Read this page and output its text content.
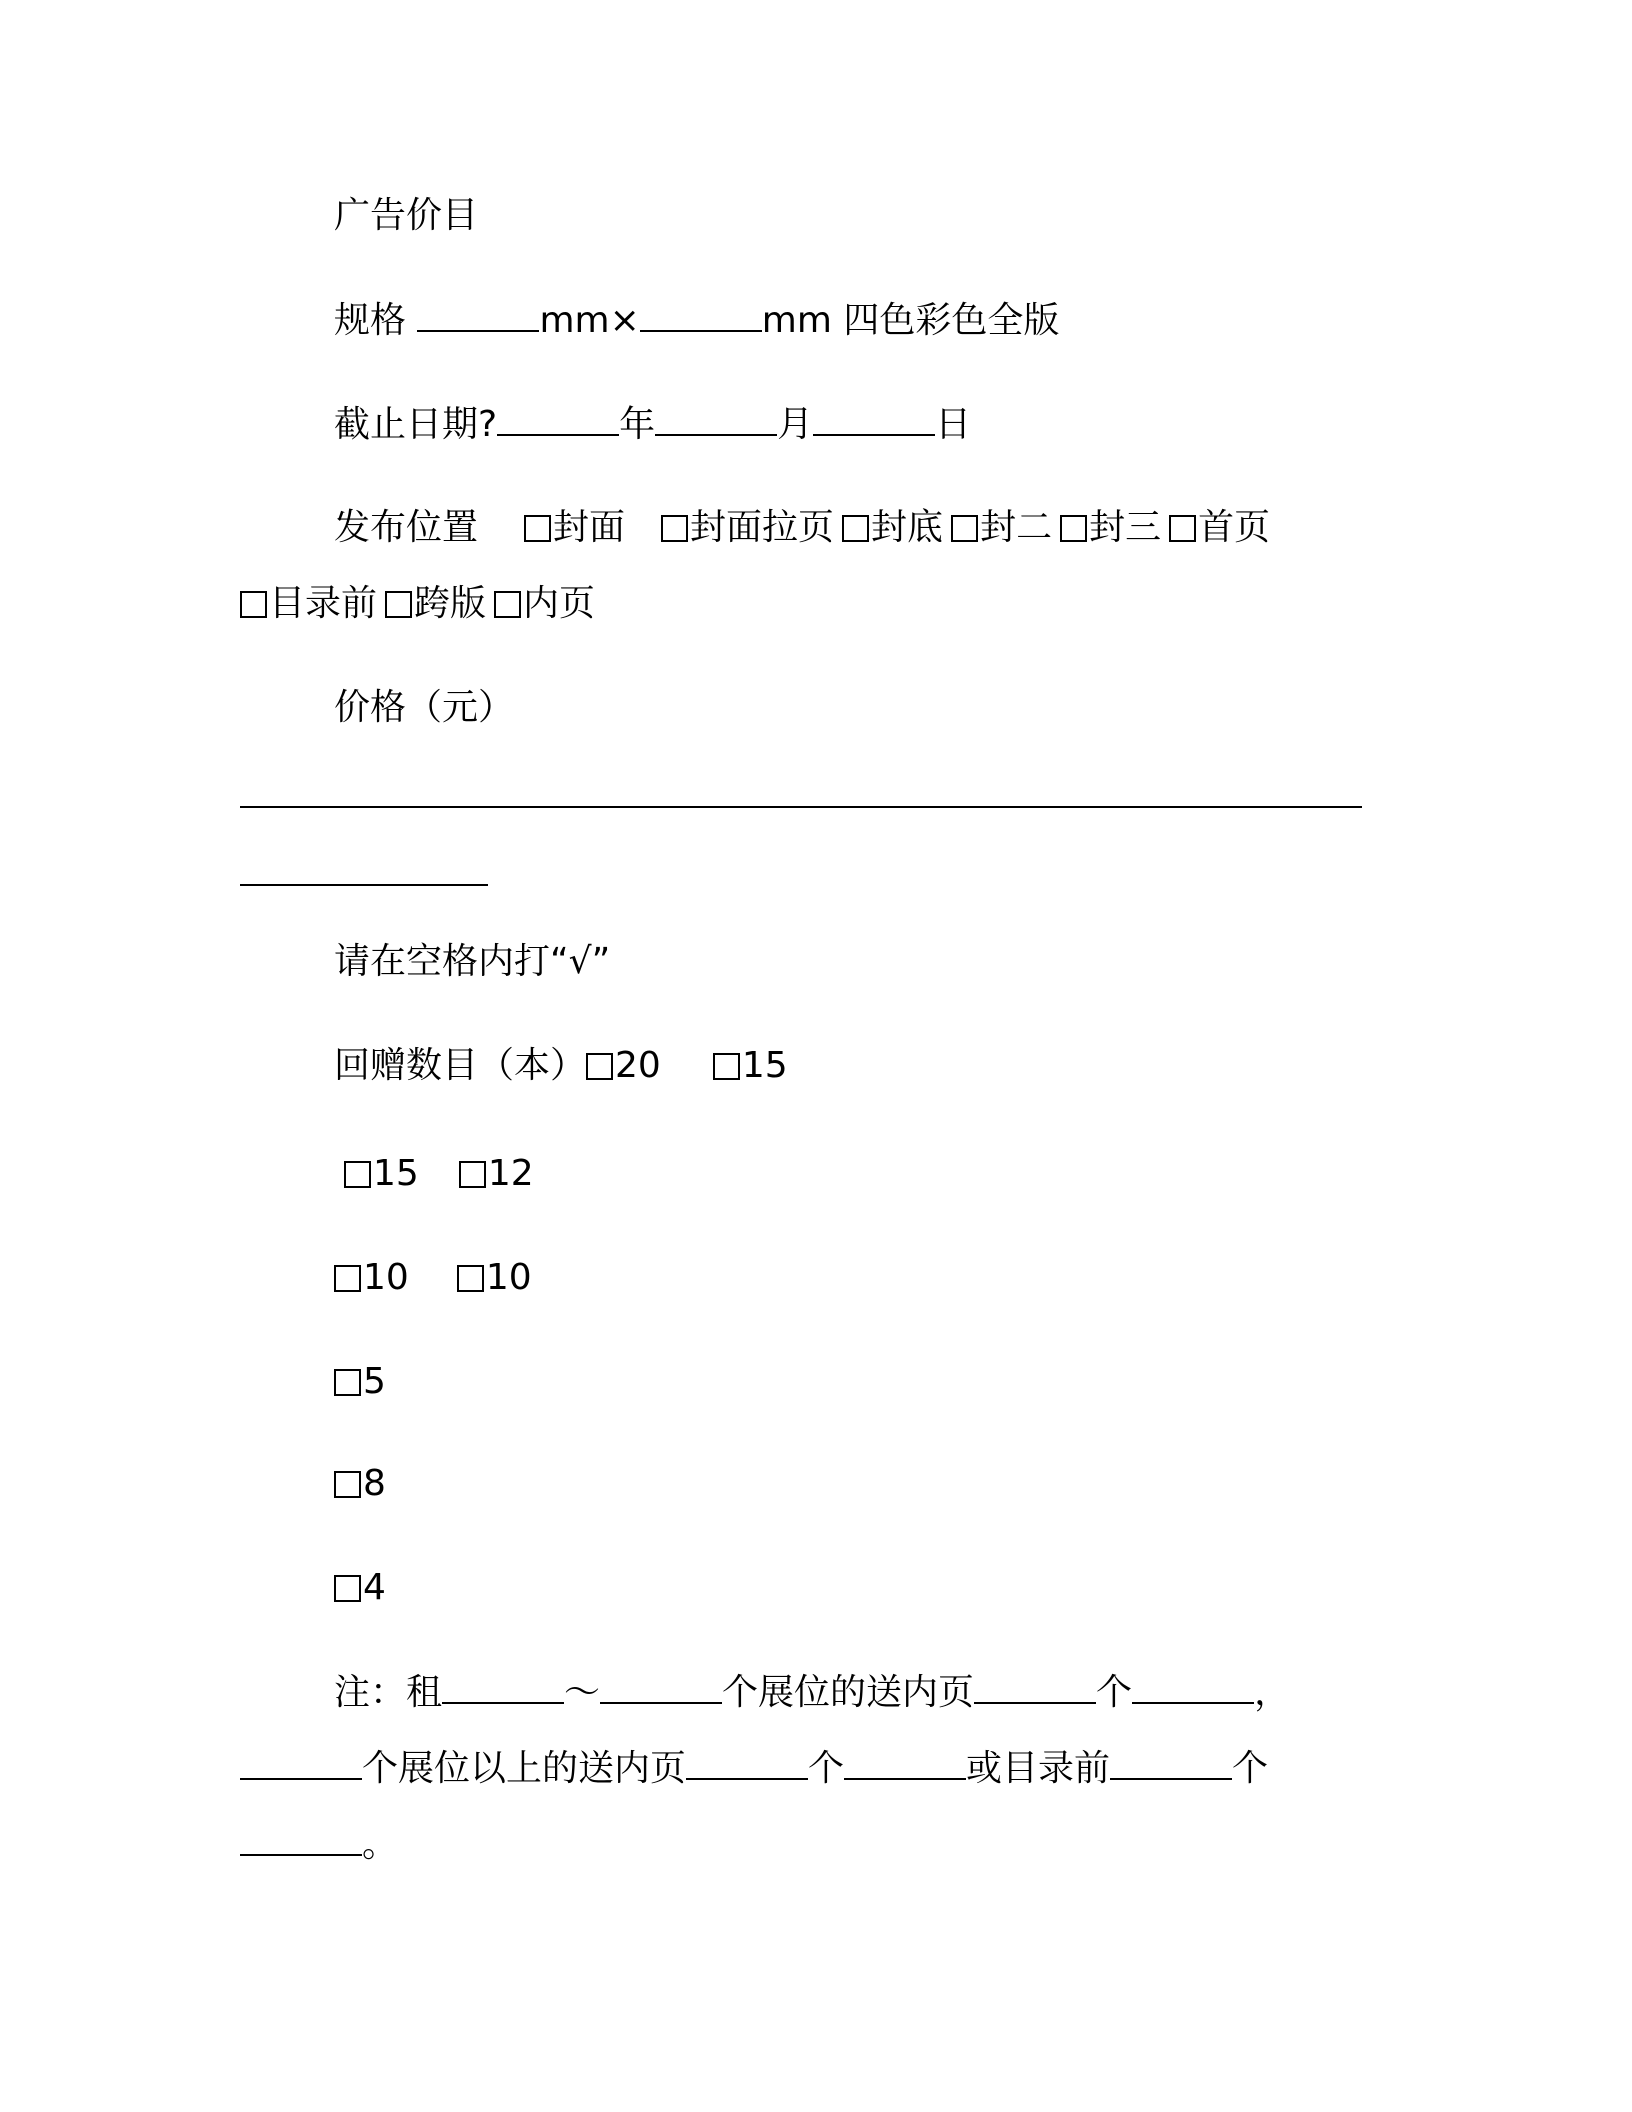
广告价目
规格	mm×	mm 四色彩色全版
截止日期?	年	月	日
发布位置 封面 封面拉页 封底 封二 封三 首页
目录前 跨版 内页
价格（元）
请在空格内打“√”
回赠数目（本） 20 15
15 12
10 10
5
8
4
注：租	～	个展位的送内页	个	，
个展位以上的送内页	个	或目录前	个
。
